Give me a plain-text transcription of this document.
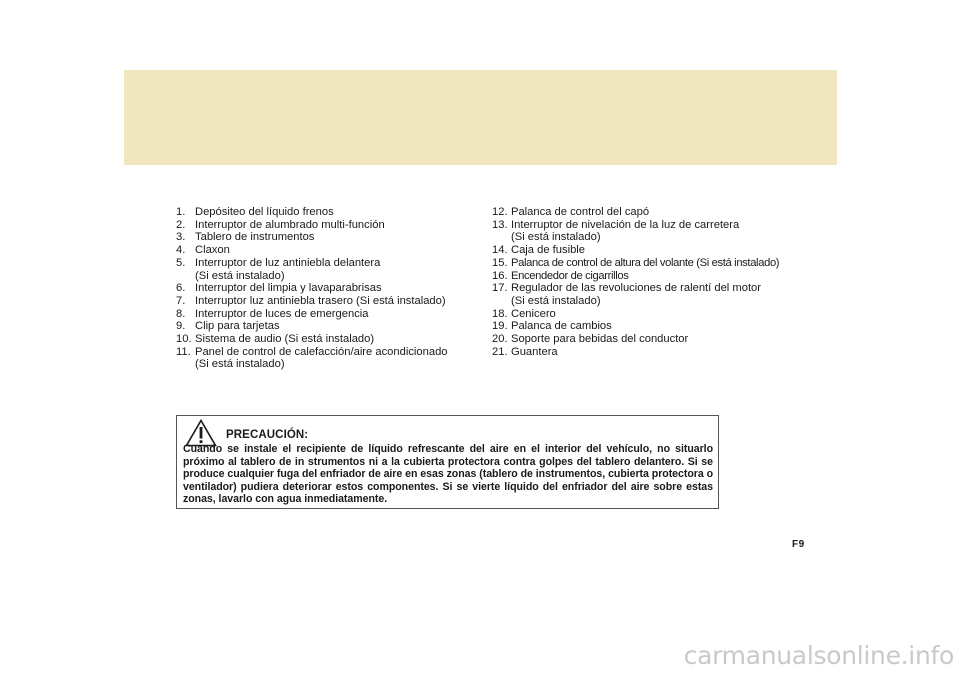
1. Depósiteo del líquido frenos
2. Interruptor de alumbrado multi-función
3. Tablero de instrumentos
4. Claxon
5. Interruptor de luz antiniebla delantera
(Si está instalado)
6. Interruptor del limpia y lavaparabrisas
7. Interruptor luz antiniebla trasero (Si está instalado)
8. Interruptor de luces de emergencia
9. Clip para tarjetas
10. Sistema de audio (Si está instalado)
11. Panel de control de calefacción/aire acondicionado
(Si está instalado)
12. Palanca de control del capó
13. Interruptor de nivelación de la luz de carretera
(Si está instalado)
14. Caja de fusible
15. Palanca de control de altura del volante (Si está instalado)
16. Encendedor de cigarrillos
17. Regulador de las revoluciones de ralentí del motor
(Si está instalado)
18. Cenicero
19. Palanca de cambios
20. Soporte para bebidas del conductor
21. Guantera
PRECAUCIÓN:

Cuando se instale el recipiente de líquido refrescante del aire en el interior del vehículo, no situarlo próximo al tablero de in strumentos ni a la cubierta protectora contra golpes del tablero delantero. Si se produce cualquier fuga del enfriador de aire en esas zonas (tablero de instrumentos, cubierta protectora o ventilador) pudiera deteriorar estos componentes. Si se vierte líquido del enfriador del aire sobre estas zonas, lavarlo con agua inmediatamente.

F9
carmanualsonline.info
